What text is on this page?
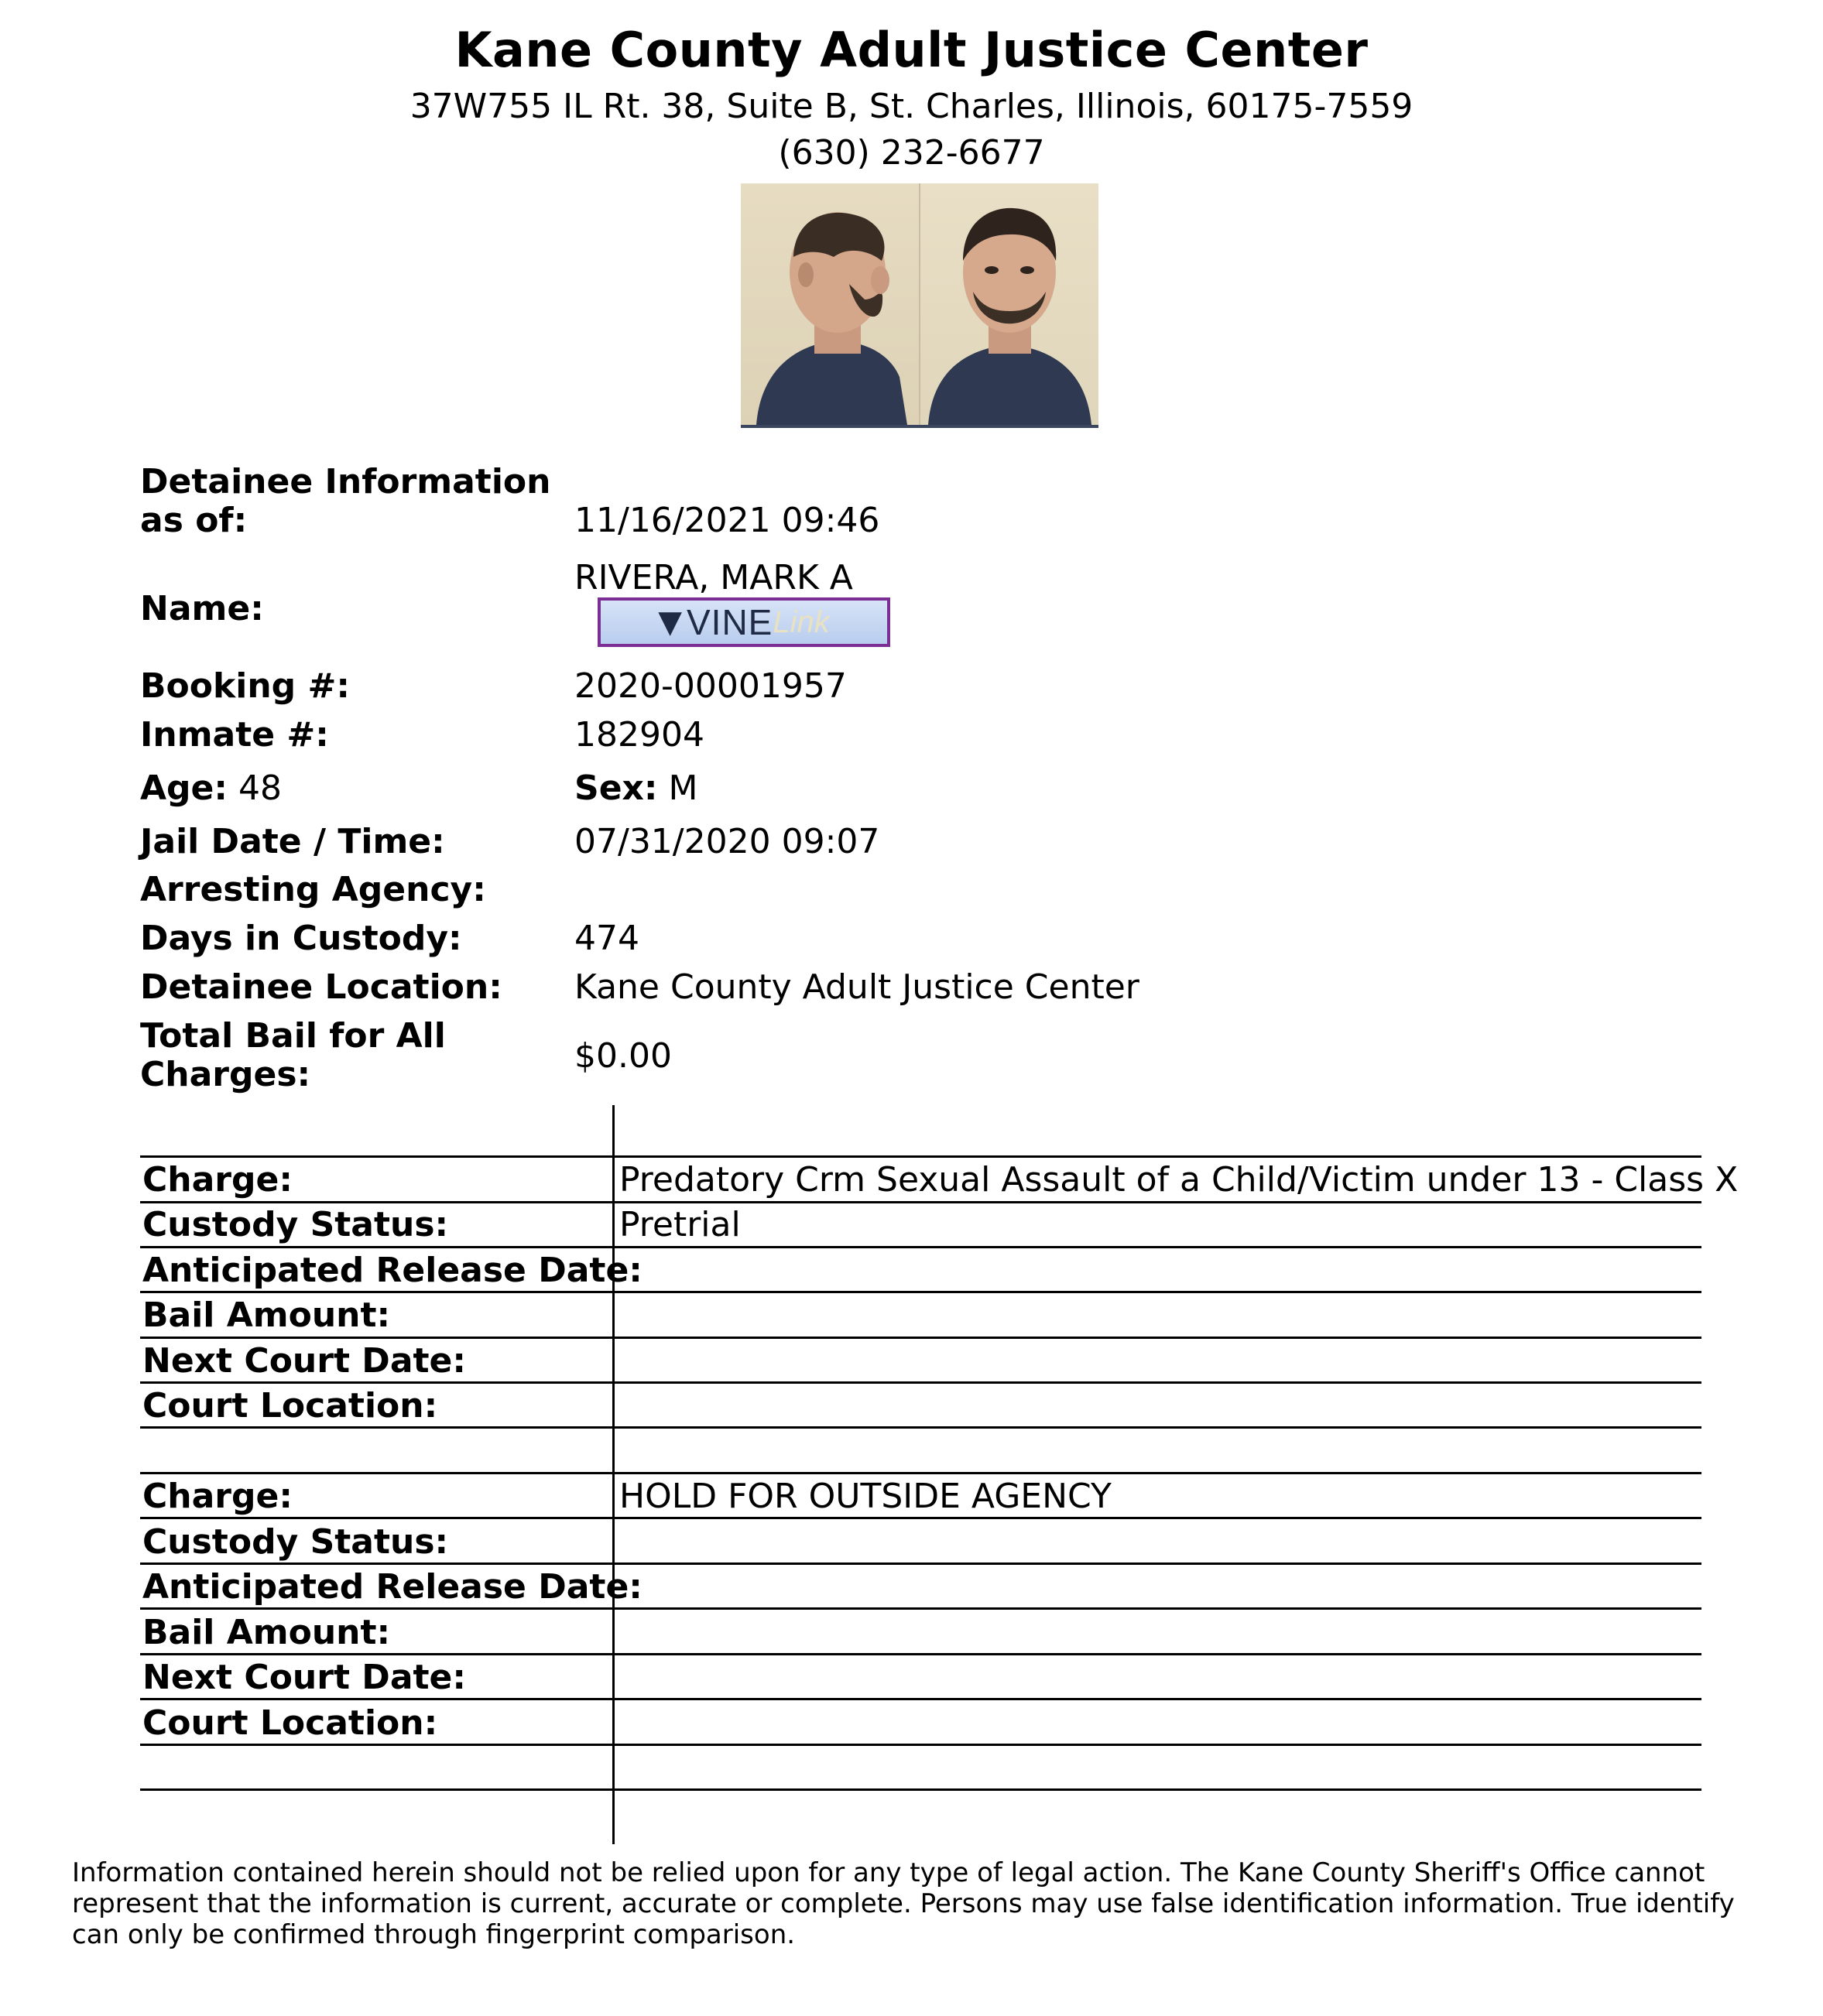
Kane County Adult Justice Center
37W755 IL Rt. 38, Suite B, St. Charles, Illinois, 60175-7559
(630) 232-6677
Detainee Information
as of:	11/16/2021 09:46
Name:
RIVERA, MARK A
▼ VINE Link
Booking #:	2020-00001957
Inmate #:	182904
Age: 48	Sex: M
Jail Date / Time:	07/31/2020 09:07
Arresting Agency:
Days in Custody:	474
Detainee Location: Kane County Adult Justice Center
Total Bail for All
Charges:	$0.00
Charge:	Predatory Crm Sexual Assault of a Child/Victim under 13 - Class X
Custody Status:	Pretrial
Anticipated Release Date:
Bail Amount:
Next Court Date:
Court Location:
Charge:	HOLD FOR OUTSIDE AGENCY
Custody Status:
Anticipated Release Date:
Bail Amount:
Next Court Date:
Court Location:
Information contained herein should not be relied upon for any type of legal action. The Kane County Sheriff's Office cannot
represent that the information is current, accurate or complete. Persons may use false identification information. True identify
can only be confirmed through fingerprint comparison.
